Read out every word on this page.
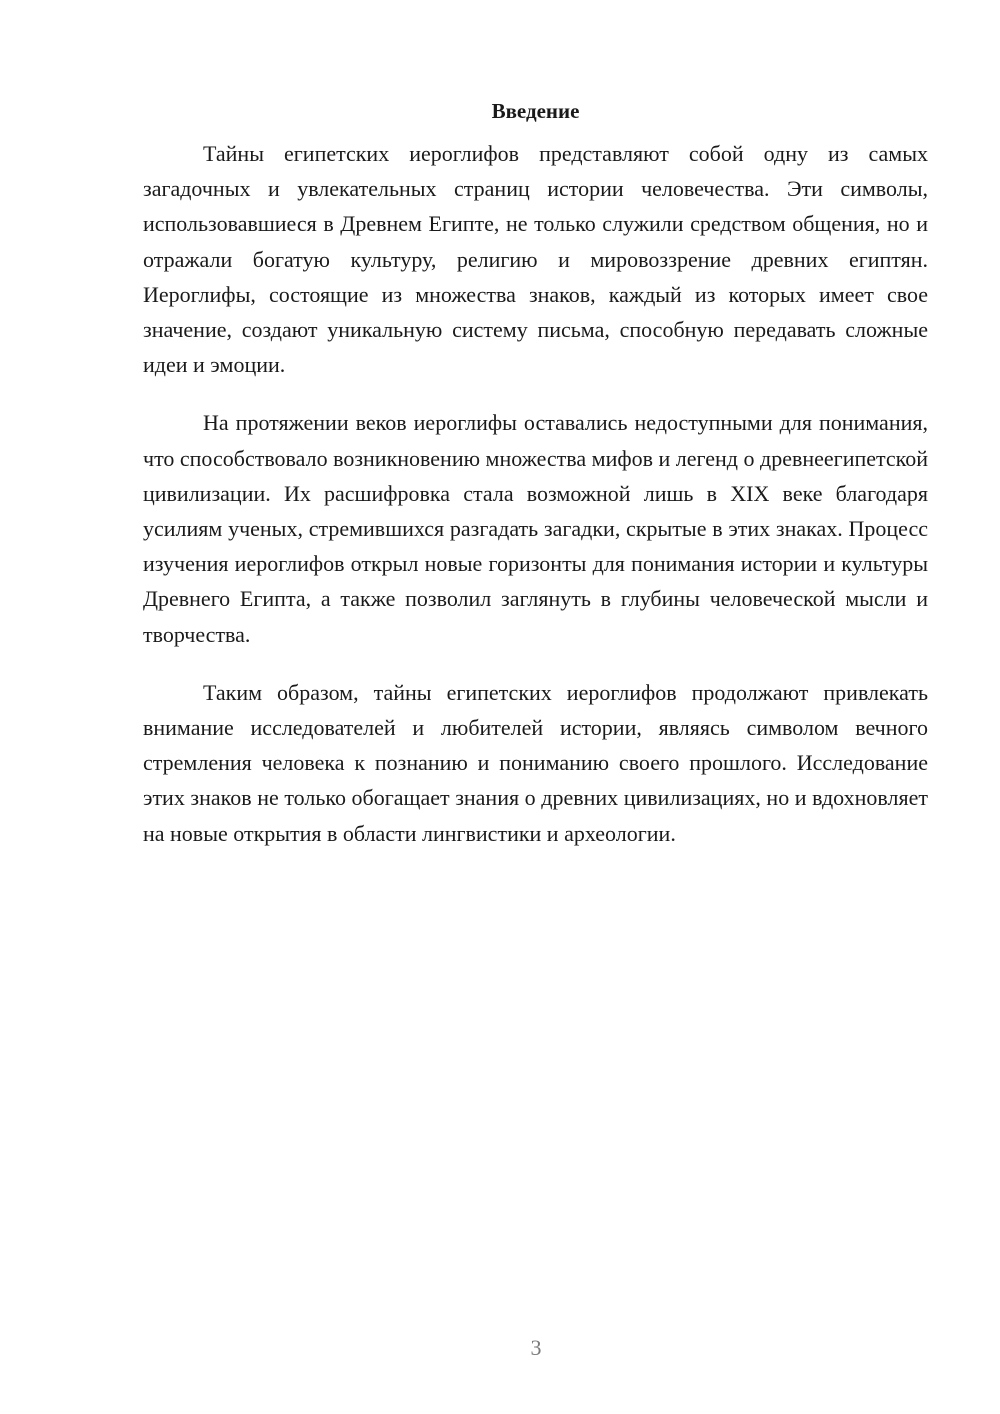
Введение

Тайны египетских иероглифов представляют собой одну из самых загадочных и увлекательных страниц истории человечества. Эти символы, использовавшиеся в Древнем Египте, не только служили средством общения, но и отражали богатую культуру, религию и мировоззрение древних египтян. Иероглифы, состоящие из множества знаков, каждый из которых имеет свое значение, создают уникальную систему письма, способную передавать сложные идеи и эмоции.

На протяжении веков иероглифы оставались недоступными для понимания, что способствовало возникновению множества мифов и легенд о древнеегипетской цивилизации. Их расшифровка стала возможной лишь в XIX веке благодаря усилиям ученых, стремившихся разгадать загадки, скрытые в этих знаках. Процесс изучения иероглифов открыл новые горизонты для понимания истории и культуры Древнего Египта, а также позволил заглянуть в глубины человеческой мысли и творчества.

Таким образом, тайны египетских иероглифов продолжают привлекать внимание исследователей и любителей истории, являясь символом вечного стремления человека к познанию и пониманию своего прошлого. Исследование этих знаков не только обогащает знания о древних цивилизациях, но и вдохновляет на новые открытия в области лингвистики и археологии.

3
